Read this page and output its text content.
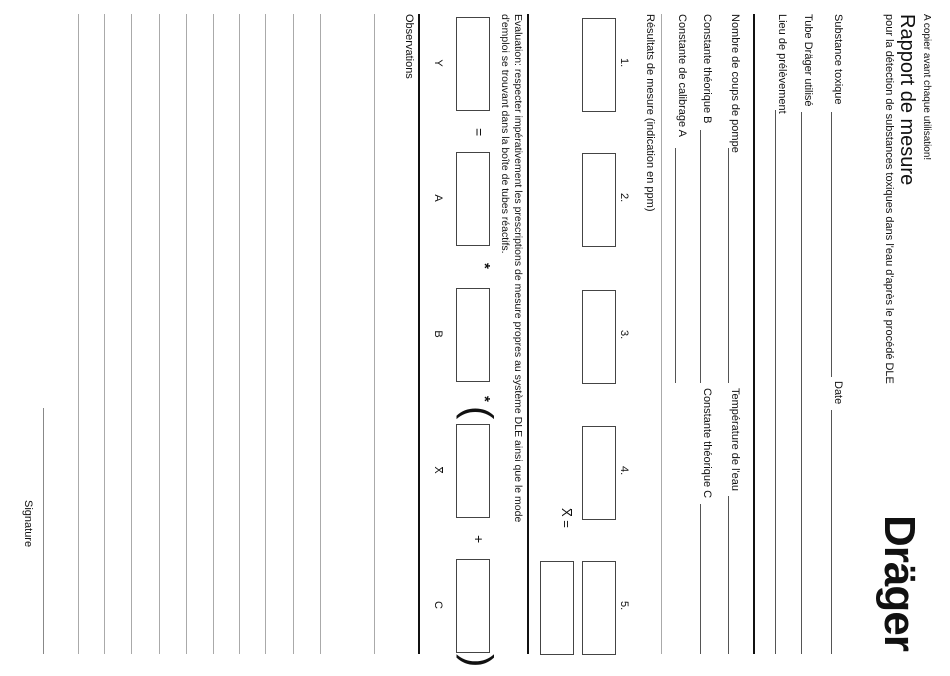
A copier avant chaque utilisation!
Rapport de mesure
pour la détection de substances toxiques dans l'eau d'après le procédé DLE
Dräger
Substance toxique
Date
Tube Dräger utilisé
Lieu de prélèvement
Nombre de coups de pompe
Température de l'eau
Constante théorique B
Constante théorique C
Constante de calibrage A
Résultats de mesure (indication en ppm)
1.
2.
3.
4.
5.
X =
Evaluation: respecter impérativement les prescriptions de mesure propres au système DLE ainsi que le mode
d'emploi se trouvant dans la boîte de tubes réactifs.
=
*
*
(
+
)
Y
A
B
X
C
Observations
Signature
